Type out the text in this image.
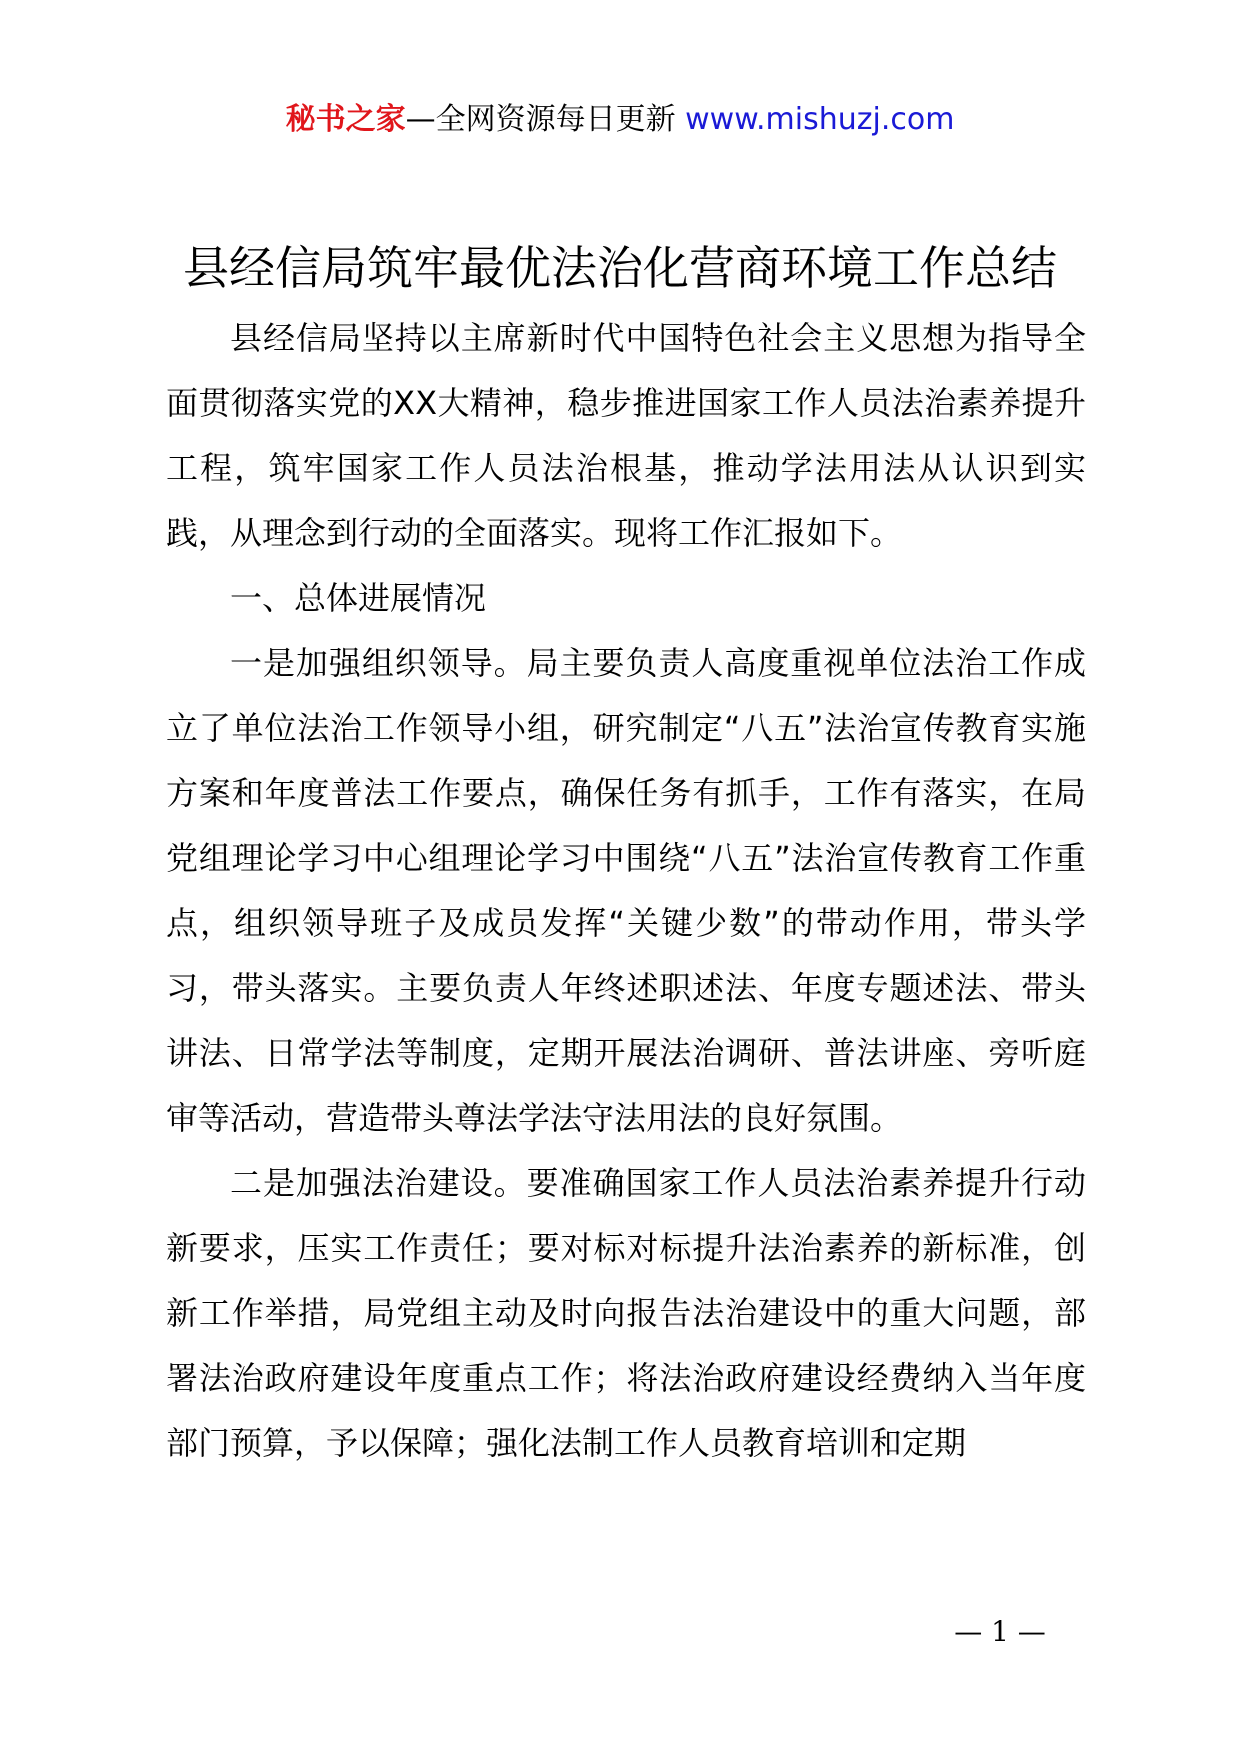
秘书之家—全网资源每日更新 www.mishuzj.com
县经信局筑牢最优法治化营商环境工作总结

县经信局坚持以主席新时代中国特色社会主义思想为指导全面贯彻落实党的XX大精神，稳步推进国家工作人员法治素养提升工程，筑牢国家工作人员法治根基，推动学法用法从认识到实践，从理念到行动的全面落实。现将工作汇报如下。

一、总体进展情况

一是加强组织领导。局主要负责人高度重视单位法治工作成立了单位法治工作领导小组，研究制定“八五”法治宣传教育实施方案和年度普法工作要点，确保任务有抓手，工作有落实，在局党组理论学习中心组理论学习中围绕“八五”法治宣传教育工作重点，组织领导班子及成员发挥“关键少数”的带动作用，带头学习，带头落实。主要负责人年终述职述法、年度专题述法、带头讲法、日常学法等制度，定期开展法治调研、普法讲座、旁听庭审等活动，营造带头尊法学法守法用法的良好氛围。

二是加强法治建设。要准确国家工作人员法治素养提升行动新要求，压实工作责任；要对标对标提升法治素养的新标准，创新工作举措，局党组主动及时向报告法治建设中的重大问题，部署法治政府建设年度重点工作；将法治政府建设经费纳入当年度部门预算，予以保障；强化法制工作人员教育培训和定期

— 1 —
